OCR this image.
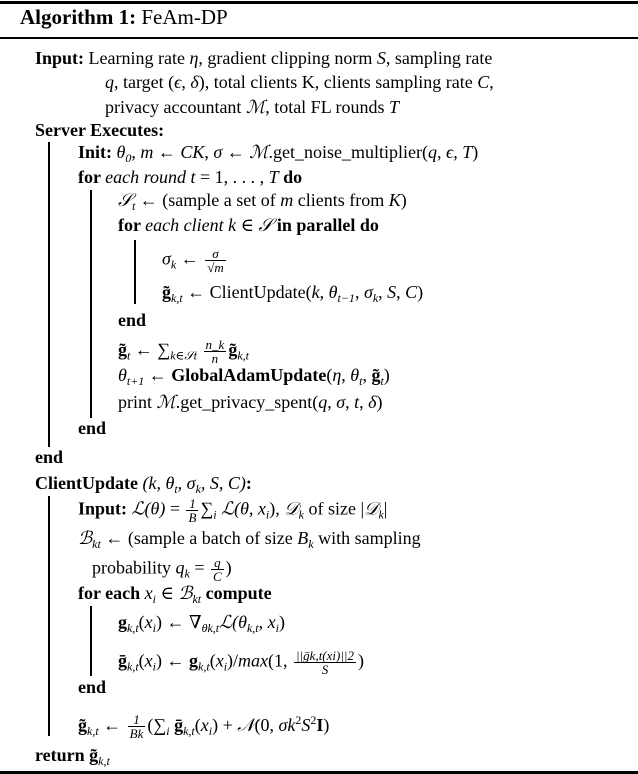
Algorithm 1: FeAm-DP
Input: Learning rate η, gradient clipping norm S, sampling rate
q, target (ϵ, δ), total clients K, clients sampling rate C,
privacy accountant ℳ, total FL rounds T
Server Executes:
Init: $\theta_0$, m ← CK, σ ← ℳ.get_noise_multiplier(q, ϵ, T)
for each round t = 1, . . . , T do
𝒮$_t$ ← (sample a set of m clients from K)
for each client k ∈ 𝒮 in parallel do
$\sigma_k$ ← $\frac{\sigma}{√m}$
$g̃_{k,t}$ ← ClientUpdate(k, $\theta_{t-1}$, $\sigma_k$, S, C)
end
$g̃_t$ ← $\sum_{k\in 𝒮t} \frac{n\_k}{n}$ $g̃_{k,t}$
$\theta_{t+1}$ ← GlobalAdamUpdate(η, $\theta_t$, $g̃_t$)
print ℳ.get_privacy_spent(q, σ, t, δ)
end
end
ClientUpdate (k, $\theta_t$, $\sigma_k$, S, C):
Input: ℒ(θ) = $\frac{1}{B} \sum_i$ ℒ(θ, $x_i$), 𝒟$_k$ of size |𝒟$_k$|
ℬ$_{kt}$ ← (sample a batch of size $B_k$ with sampling
probability $q_k = \frac{q}{C}$ )
for each $x_i$ ∈ ℬ$_{kt}$ compute
$g_{k,t}(x_i)$ ← $\nabla_{\theta k,t}ℒ(\theta_{k,t}$, $x_i$)
$ḡ_{k,t}(x_i)$ ← $g_{k,t}(x_i)/\max(1$, $\frac{\text{||ḡk,t(xi)||2}}{S}$ )
end
$g̃_{k,t}$ ← $\frac{1}{Bk} (\sum_i$ $ḡ_{k,t}(x_i)$ + 𝒩(0, $\sigma k^2S^2I$)
return $g̃_{k,t}$
